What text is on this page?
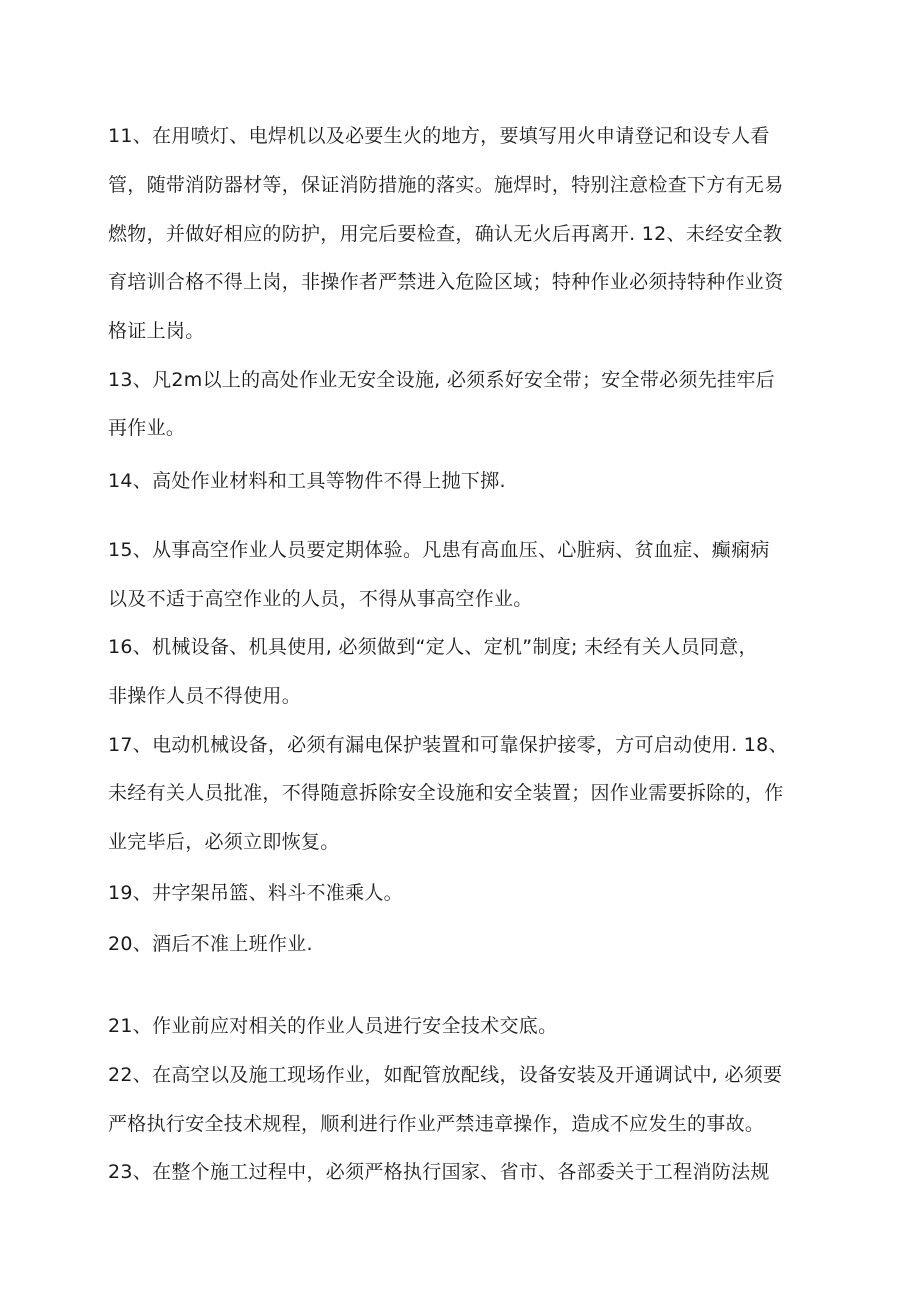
11、在用喷灯、电焊机以及必要生火的地方，要填写用火申请登记和设专人看
管，随带消防器材等，保证消防措施的落实。施焊时，特别注意检查下方有无易
燃物，并做好相应的防护，用完后要检查，确认无火后再离开. 12、未经安全教
育培训合格不得上岗，非操作者严禁进入危险区域；特种作业必须持特种作业资
格证上岗。
13、凡2m以上的高处作业无安全设施, 必须系好安全带；安全带必须先挂牢后
再作业。
14、高处作业材料和工具等物件不得上抛下掷.
15、从事高空作业人员要定期体验。凡患有高血压、心脏病、贫血症、癫痫病
以及不适于高空作业的人员，不得从事高空作业。
16、机械设备、机具使用, 必须做到“定人、定机”制度; 未经有关人员同意，
非操作人员不得使用。
17、电动机械设备，必须有漏电保护装置和可靠保护接零，方可启动使用. 18、
未经有关人员批准，不得随意拆除安全设施和安全装置；因作业需要拆除的，作
业完毕后，必须立即恢复。
19、井字架吊篮、料斗不准乘人。
20、酒后不准上班作业.
21、作业前应对相关的作业人员进行安全技术交底。
22、在高空以及施工现场作业，如配管放配线，设备安装及开通调试中, 必须要
严格执行安全技术规程，顺利进行作业严禁违章操作，造成不应发生的事故。
23、在整个施工过程中，必须严格执行国家、省市、各部委关于工程消防法规
